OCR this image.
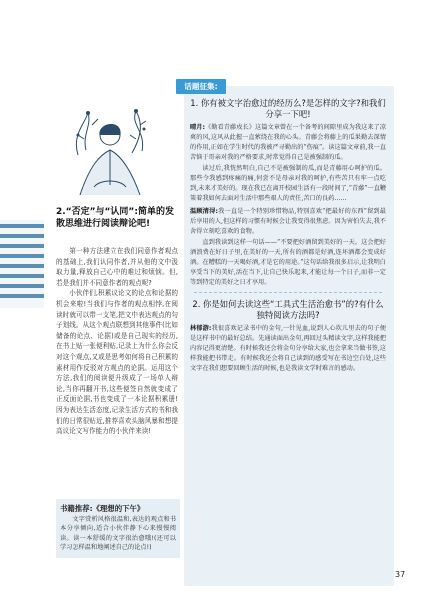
2.“否定”与“认同”:简单的发散思维进行阅读辩论吧!

第一种方法建立在我们同意作者观点的基础上,我们认同作者,并从他的文中汲取力量,释放自己心中的难过和烦恼。但,若是我们并不同意作者的观点呢?

小伙伴们,积累议论文的论点和论据的机会来啦!当我们与作者的观点相悖,在阅读时就可以带一支笔,把文中表达观点的句子划线。从这个观点联想到其他事件(比如储备的论点、论据)或是自己现实的经历,在书上贴一张便利贴,记录上为什么你会反对这个观点,又或是思考如何将自己积累的素材用作反驳对方观点的论据。运用这个方法,我们的阅读便升级成了一场单人辩论,当你再翻开书,这些便签自然就变成了正反面论据,书也变成了一本论据积累册!因为表达生活态度,记录生活方式的书和我们的日常很贴近,推荐喜欢头脑风暴和想提高议论文写作能力的小伙伴来读!

书籍推荐:《理想的下午》
文字赏析风格很温和,表达的观点和书本分享倾向,适合小伙伴静下心来慢慢阅读。读一本舒缓的文字很治愈哦!(还可以学习怎样温和地阐述自己的论点!)
话题征集:
1. 你有被文字治愈过的经历么?是怎样的文字?和我们分享一下吧!

晴月:《勤看青藤戍长》这篇文章曾在一个备考的间隙里成为我这来了凉爽的风,这风从此握一直萦绕在我的心头。青藤会将藤上的瓜果勤去深情的作用,正如在学生时代的我被严寻勤出的“伤痕”。读这篇文章前,我一直苦恼于哥亲对我的严格要求,时常觉得自己是被强制的瓜。

读过后,我恍然明白,自己不是被强制的瓜,而是青藤用心呵护的瓜。那些令我感到疼痛的痛,何尝不是母亲对我的呵护,有些苦只有牢一点吃到,未来才美好的。现在我已在离开校园生活有一段时间了,“青藤”一直鞭策着我如何去面对生活中那些艰人的责任,苦口的良药……

温顾清浔:我一直是一个特别珍惜物品,特别喜欢“把最好的东西”留到最后享用的人,但这样的习惯有时候会让我变得很焦虑。因为害怕失去,我不舍得立刻吃喜欢的食物。

直到我读到这样一句话——“不要把好酒留到美好的一天。这会把好酒浪费在好日子里,在美好的一天,所有的酒都是好酒,连坏酒都会变成好酒。在糟糕的一天喝好酒,才是它的用途。”这句话给我很多启示,让我明白享受当下的美好,活在当下,让自己快乐起来,才能让每一个日子,而非一定等到特定的美好之日才享用。

2. 你是如何去读这些“工具式生活治愈书”的?有什么独特阅读方法吗?

林郁游:我很喜欢记录书中的金句,一针见血,说到人心坎儿里去的句子便是这样书中的最好总结。先通读面出金句,再回过头精读文字,这样我能把内容记得更清楚。有时候我还会将金句分享给大家,也会拿来当做书签,这样我能把书带走。有时候我还会将自己读到的感受写在书边空白处,这些文字在我们想要回顾生活的时候,也是我读文学时难言的感动。

37
